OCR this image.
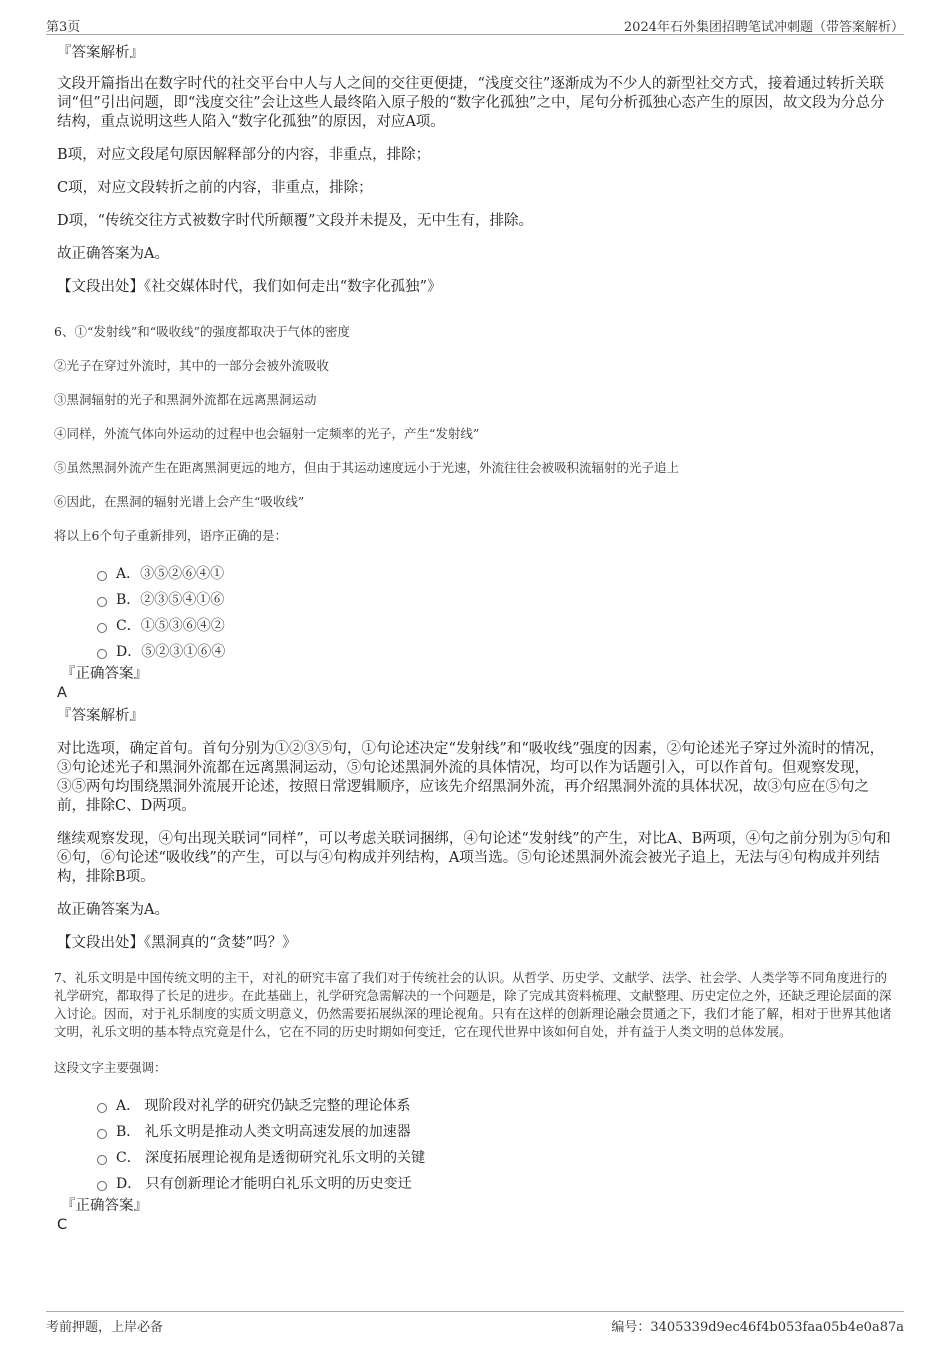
第3页	2024年石外集团招聘笔试冲刺题（带答案解析）
『答案解析』

文段开篇指出在数字时代的社交平台中人与人之间的交往更便捷，“浅度交往”逐渐成为不少人的新型社交方式，接着通过转折关联词“但”引出问题，即“浅度交往”会让这些人最终陷入原子般的“数字化孤独”之中，尾句分析孤独心态产生的原因，故文段为分总分结构，重点说明这些人陷入“数字化孤独”的原因，对应A项。

B项，对应文段尾句原因解释部分的内容，非重点，排除；

C项，对应文段转折之前的内容，非重点，排除；

D项，“传统交往方式被数字时代所颠覆”文段并未提及，无中生有，排除。

故正确答案为A。

【文段出处】《社交媒体时代，我们如何走出“数字化孤独”》

6、①“发射线”和“吸收线”的强度都取决于气体的密度
②光子在穿过外流时，其中的一部分会被外流吸收
③黑洞辐射的光子和黑洞外流都在远离黑洞运动
④同样，外流气体向外运动的过程中也会辐射一定频率的光子，产生“发射线”
⑤虽然黑洞外流产生在距离黑洞更远的地方，但由于其运动速度远小于光速，外流往往会被吸积流辐射的光子追上
⑥因此，在黑洞的辐射光谱上会产生“吸收线”
将以上6个句子重新排列，语序正确的是：
A．③⑤②⑥④①
B．②③⑤④①⑥
C．①⑤③⑥④②
D．⑤②③①⑥④
『正确答案』
A
『答案解析』

对比选项，确定首句。首句分别为①②③⑤句，①句论述决定“发射线”和“吸收线”强度的因素，②句论述光子穿过外流时的情况，③句论述光子和黑洞外流都在远离黑洞运动，⑤句论述黑洞外流的具体情况，均可以作为话题引入，可以作首句。但观察发现，③⑤两句均围绕黑洞外流展开论述，按照日常逻辑顺序，应该先介绍黑洞外流，再介绍黑洞外流的具体状况，故③句应在⑤句之前，排除C、D两项。

继续观察发现，④句出现关联词“同样”，可以考虑关联词捆绑，④句论述“发射线”的产生，对比A、B两项，④句之前分别为⑤句和⑥句，⑥句论述“吸收线”的产生，可以与④句构成并列结构，A项当选。⑤句论述黑洞外流会被光子追上，无法与④句构成并列结构，排除B项。

故正确答案为A。

【文段出处】《黑洞真的“贪婪”吗？》

7、礼乐文明是中国传统文明的主干，对礼的研究丰富了我们对于传统社会的认识。从哲学、历史学、文献学、法学、社会学、人类学等不同角度进行的礼学研究，都取得了长足的进步。在此基础上，礼学研究急需解决的一个问题是，除了完成其资料梳理、文献整理、历史定位之外，还缺乏理论层面的深入讨论。因而，对于礼乐制度的实质文明意义，仍然需要拓展纵深的理论视角。只有在这样的创新理论融会贯通之下，我们才能了解，相对于世界其他诸文明，礼乐文明的基本特点究竟是什么，它在不同的历史时期如何变迁，它在现代世界中该如何自处，并有益于人类文明的总体发展。
这段文字主要强调：
A． 现阶段对礼学的研究仍缺乏完整的理论体系
B． 礼乐文明是推动人类文明高速发展的加速器
C． 深度拓展理论视角是透彻研究礼乐文明的关键
D． 只有创新理论才能明白礼乐文明的历史变迁
『正确答案』
C
考前押题，上岸必备	编号：3405339d9ec46f4b053faa05b4e0a87a
